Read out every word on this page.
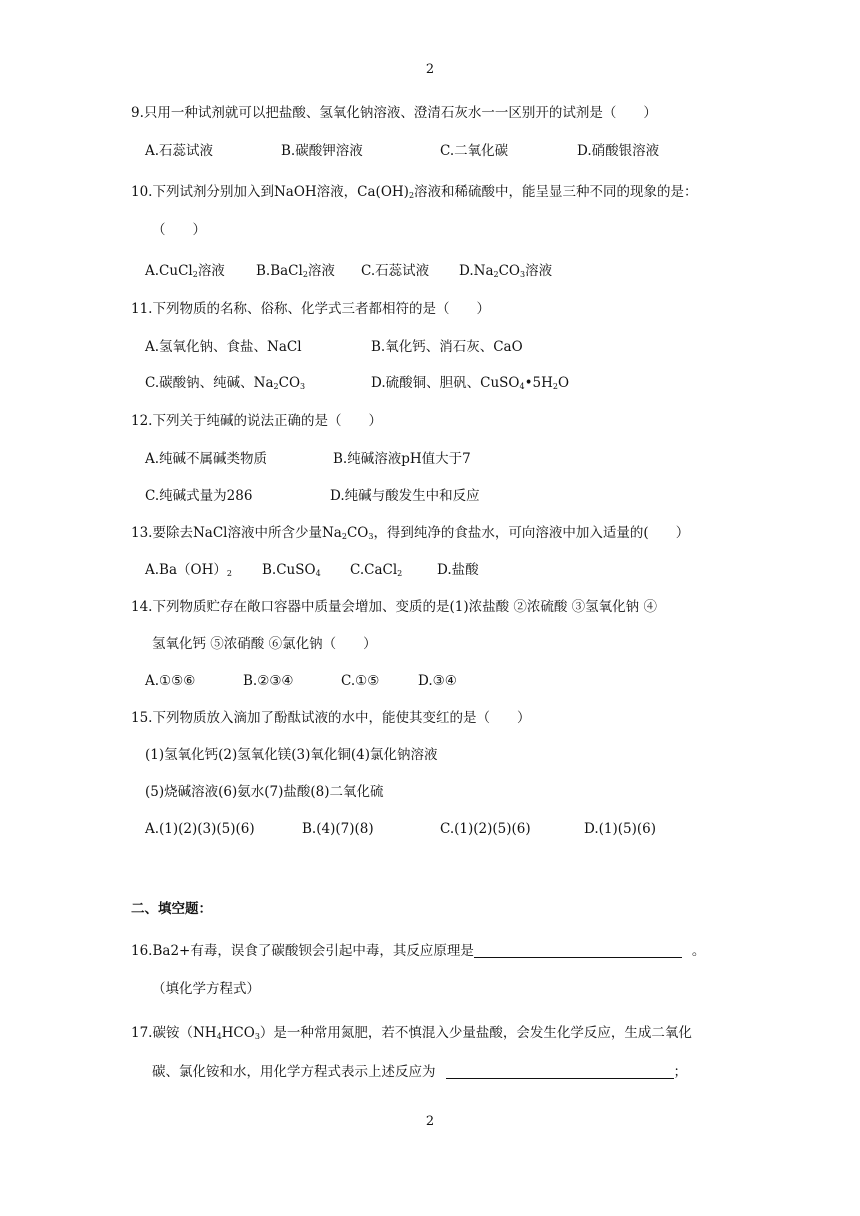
2
9.只用一种试剂就可以把盐酸、氢氧化钠溶液、澄清石灰水一一区别开的试剂是（　　）
A.石蕊试液	B.碳酸钾溶液	C.二氧化碳	D.硝酸银溶液
10.下列试剂分别加入到NaOH溶液，$Ca(OH)_2$溶液和稀硫酸中，能呈显三种不同的现象的是：
（　　）
A.CuCl$_2$溶液 B.BaCl$_2$溶液 C.石蕊试液 $D.Na_2CO_3$溶液
11.下列物质的名称、俗称、化学式三者都相符的是（　　）
A.氢氧化钠、食盐、NaCl	B.氧化钙、消石灰、CaO
C.碳酸钠、纯碱、$Na_2CO_3$	D.硫酸铜、胆矾、$CuSO_4•5H_2O$
12.下列关于纯碱的说法正确的是（　　）
A.纯碱不属碱类物质	B.纯碱溶液pH值大于7
C.纯碱式量为286	D.纯碱与酸发生中和反应
13.要除去NaCl溶液中所含少量$Na_2CO_3$，得到纯净的食盐水，可向溶液中加入适量的(　　）
$A.Ba(OH)_2$ B.CuSO$_4$ C.CaCl$_2$	D.盐酸
14.下列物质贮存在敞口容器中质量会增加、变质的是(1)浓盐酸 ②浓硫酸 ③氢氧化钠 ④
氢氧化钙 ⑤浓硝酸 ⑥氯化钠（　　）
A.①⑤⑥	B.②③④	C.①⑤	D.③④
15.下列物质放入滴加了酚酞试液的水中，能使其变红的是（　　）
(1)氢氧化钙(2)氢氧化镁(3)氧化铜(4)氯化钠溶液
(5)烧碱溶液(6)氨水(7)盐酸(8)二氧化硫
A.(1)(2)(3)(5)(6)	B.(4)(7)(8)	C.(1)(2)(5)(6)	D.(1)(5)(6)
二、填空题：
16.Ba2+有毒，误食了碳酸钡会引起中毒，其反应原理是	。
（填化学方程式）
17.碳铵$(NH_4HCO_3)$是一种常用氮肥，若不慎混入少量盐酸，会发生化学反应，生成二氧化
碳、氯化铵和水，用化学方程式表示上述反应为	；
2
